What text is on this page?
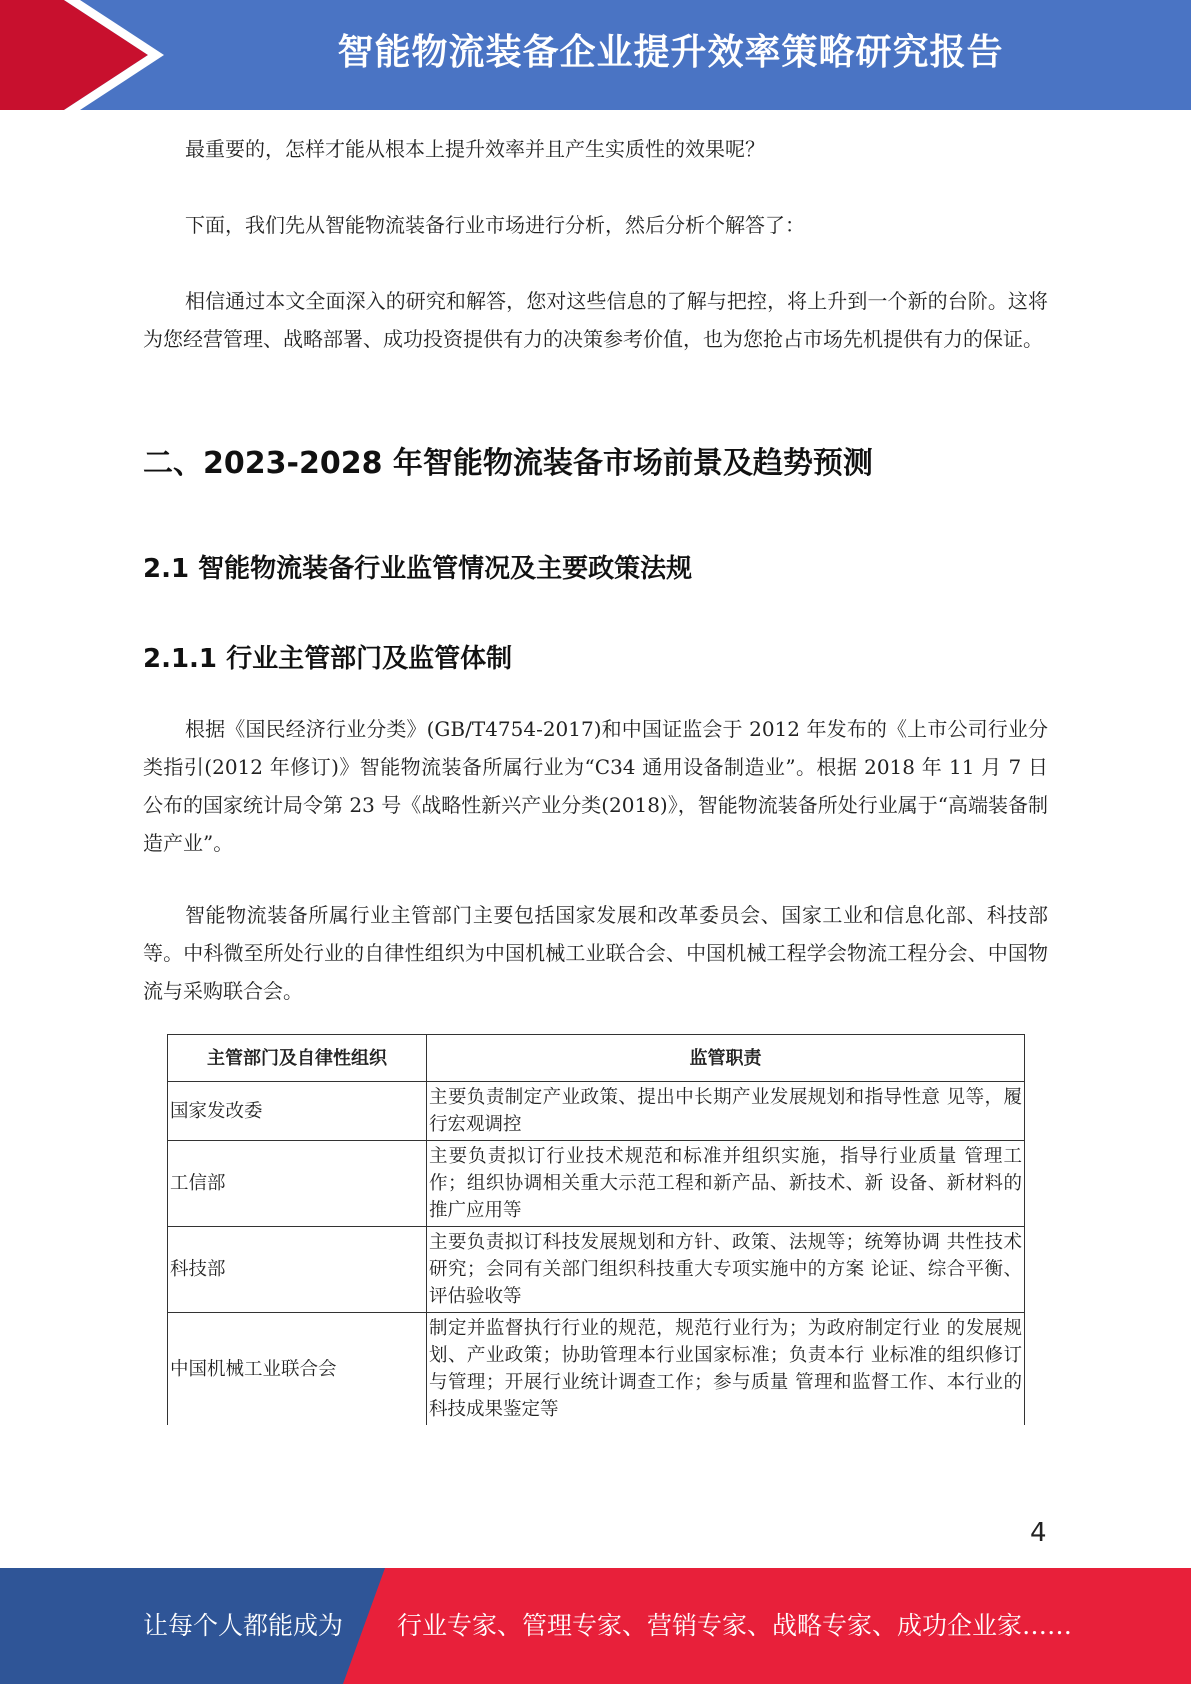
智能物流装备企业提升效率策略研究报告

最重要的，怎样才能从根本上提升效率并且产生实质性的效果呢？

下面，我们先从智能物流装备行业市场进行分析，然后分析个解答了：

相信通过本文全面深入的研究和解答，您对这些信息的了解与把控，将上升到一个新的台阶。这将为您经营管理、战略部署、成功投资提供有力的决策参考价值，也为您抢占市场先机提供有力的保证。

二、2023-2028 年智能物流装备市场前景及趋势预测
2.1 智能物流装备行业监管情况及主要政策法规
2.1.1 行业主管部门及监管体制

根据《国民经济行业分类》(GB/T4754-2017)和中国证监会于 2012 年发布的《上市公司行业分类指引(2012 年修订)》智能物流装备所属行业为“C34 通用设备制造业”。根据 2018 年 11 月 7 日公布的国家统计局令第 23 号《战略性新兴产业分类(2018)》，智能物流装备所处行业属于“高端装备制造产业”。

智能物流装备所属行业主管部门主要包括国家发展和改革委员会、国家工业和信息化部、科技部等。中科微至所处行业的自律性组织为中国机械工业联合会、中国机械工程学会物流工程分会、中国物流与采购联合会。

主管部门及自律性组织	监管职责
国家发改委	主要负责制定产业政策、提出中长期产业发展规划和指导性意 见等，履行宏观调控
工信部	主要负责拟订行业技术规范和标准并组织实施，指导行业质量 管理工作；组织协调相关重大示范工程和新产品、新技术、新 设备、新材料的推广应用等
科技部	主要负责拟订科技发展规划和方针、政策、法规等；统筹协调 共性技术研究；会同有关部门组织科技重大专项实施中的方案 论证、综合平衡、评估验收等
中国机械工业联合会	制定并监督执行行业的规范，规范行业行为；为政府制定行业 的发展规划、产业政策；协助管理本行业国家标准；负责本行 业标准的组织修订与管理；开展行业统计调查工作；参与质量 管理和监督工作、本行业的科技成果鉴定等
4
让每个人都能成为 行业专家、管理专家、营销专家、战略专家、成功企业家……
